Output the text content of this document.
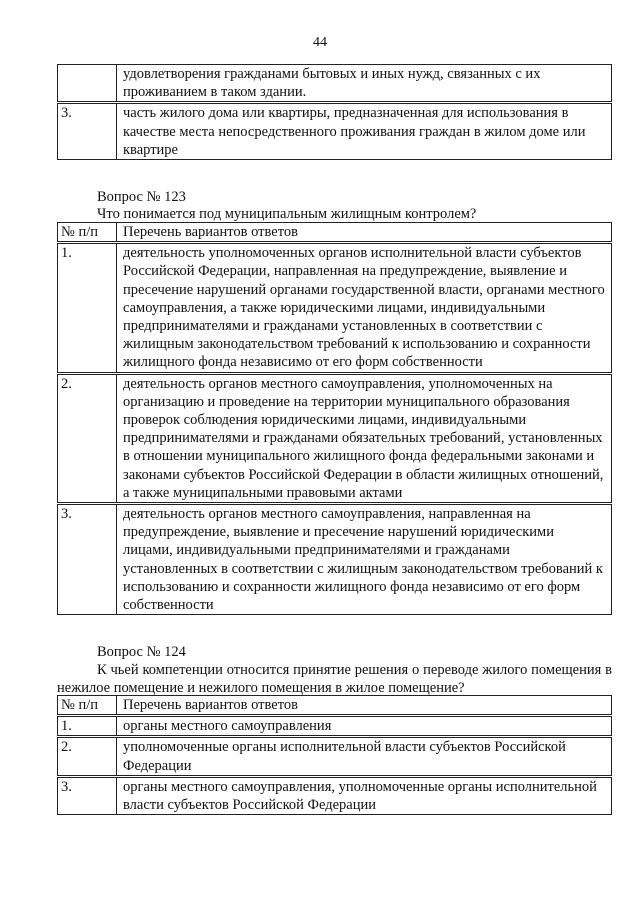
44
	удовлетворения гражданами бытовых и иных нужд, связанных с их проживанием в таком здании.
3.	часть жилого дома или квартиры, предназначенная для использования в качестве места непосредственного проживания граждан в жилом доме или квартире
Вопрос № 123
Что понимается под муниципальным жилищным контролем?
№ п/п	Перечень вариантов ответов
1.	деятельность уполномоченных органов исполнительной власти субъектов Российской Федерации, направленная на предупреждение, выявление и пресечение нарушений органами государственной власти, органами местного самоуправления, а также юридическими лицами, индивидуальными предпринимателями и гражданами установленных в соответствии с жилищным законодательством требований к использованию и сохранности жилищного фонда независимо от его форм собственности
2.	деятельность органов местного самоуправления, уполномоченных на организацию и проведение на территории муниципального образования проверок соблюдения юридическими лицами, индивидуальными предпринимателями и гражданами обязательных требований, установленных в отношении муниципального жилищного фонда федеральными законами и законами субъектов Российской Федерации в области жилищных отношений, а также муниципальными правовыми актами
3.	деятельность органов местного самоуправления, направленная на предупреждение, выявление и пресечение нарушений юридическими лицами, индивидуальными предпринимателями и гражданами установленных в соответствии с жилищным законодательством требований к использованию и сохранности жилищного фонда независимо от его форм собственности
Вопрос № 124
К чьей компетенции относится принятие решения о переводе жилого помещения в нежилое помещение и нежилого помещения в жилое помещение?
№ п/п	Перечень вариантов ответов
1.	органы местного самоуправления
2.	уполномоченные органы исполнительной власти субъектов Российской Федерации
3.	органы местного самоуправления, уполномоченные органы исполнительной власти субъектов Российской Федерации
